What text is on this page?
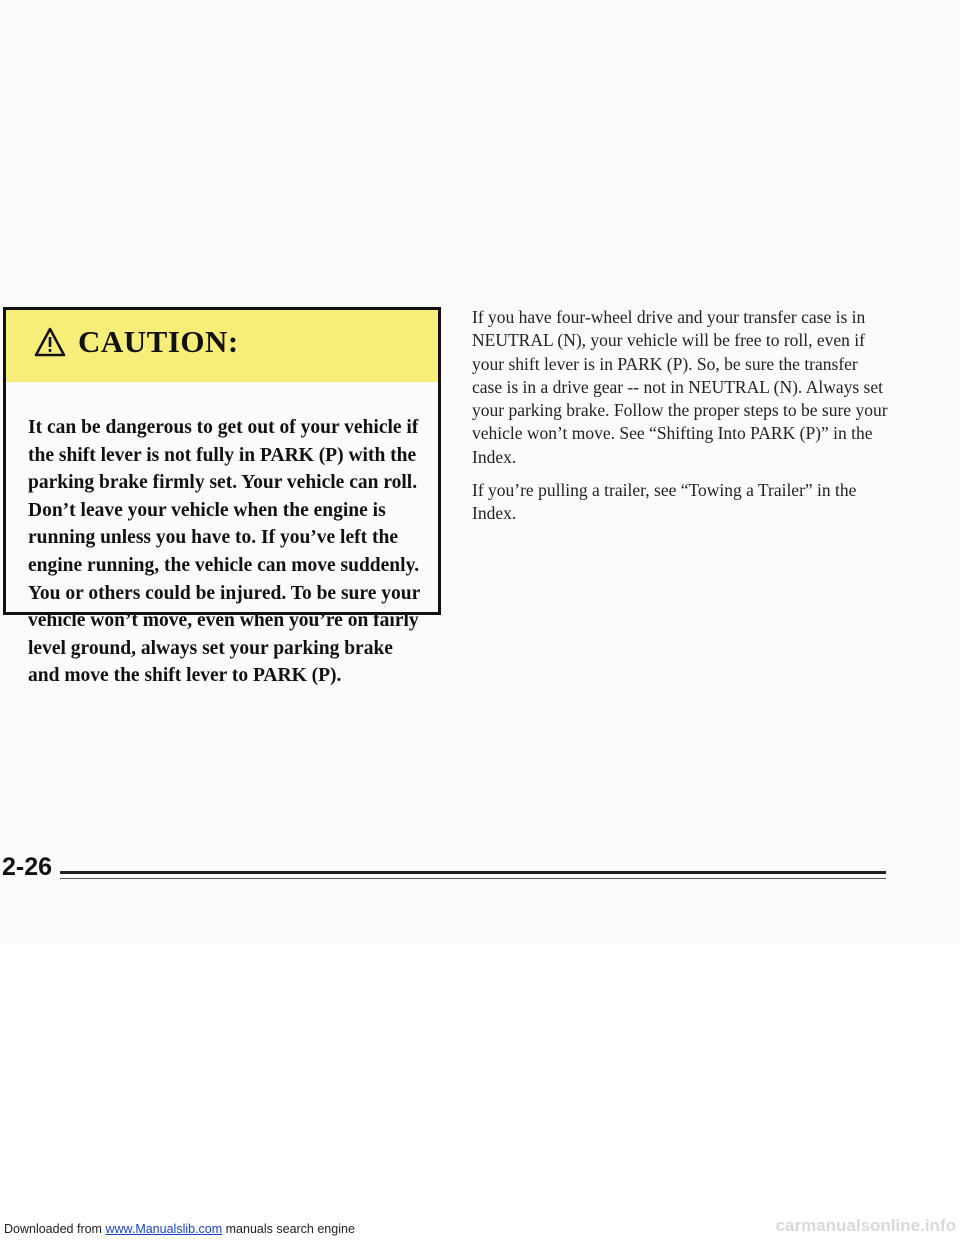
CAUTION:

It can be dangerous to get out of your vehicle if the shift lever is not fully in PARK (P) with the parking brake firmly set. Your vehicle can roll. Don’t leave your vehicle when the engine is running unless you have to. If you’ve left the engine running, the vehicle can move suddenly. You or others could be injured. To be sure your vehicle won’t move, even when you’re on fairly level ground, always set your parking brake and move the shift lever to PARK (P).

If you have four-wheel drive and your transfer case is in NEUTRAL (N), your vehicle will be free to roll, even if your shift lever is in PARK (P). So, be sure the transfer case is in a drive gear -- not in NEUTRAL (N). Always set your parking brake. Follow the proper steps to be sure your vehicle won’t move. See “Shifting Into PARK (P)” in the Index.

If you’re pulling a trailer, see “Towing a Trailer” in the Index.

2-26
Downloaded from www.Manualslib.com manuals search engine	carmanualsonline.info
